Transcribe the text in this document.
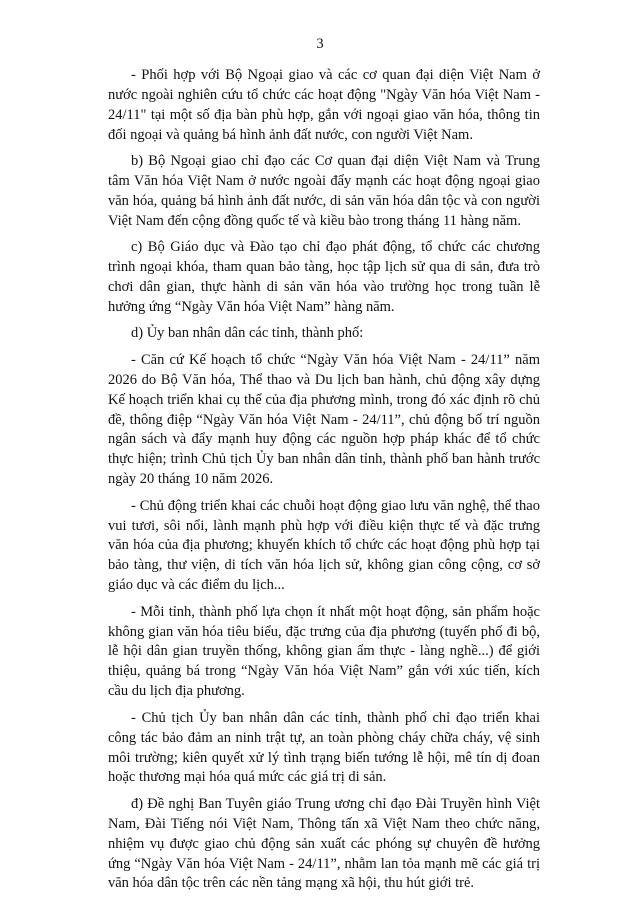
3

- Phối hợp với Bộ Ngoại giao và các cơ quan đại diện Việt Nam ở nước ngoài nghiên cứu tổ chức các hoạt động "Ngày Văn hóa Việt Nam - 24/11" tại một số địa bàn phù hợp, gắn với ngoại giao văn hóa, thông tin đối ngoại và quảng bá hình ảnh đất nước, con người Việt Nam.

b) Bộ Ngoại giao chỉ đạo các Cơ quan đại diện Việt Nam và Trung tâm Văn hóa Việt Nam ở nước ngoài đẩy mạnh các hoạt động ngoại giao văn hóa, quảng bá hình ảnh đất nước, di sản văn hóa dân tộc và con người Việt Nam đến cộng đồng quốc tế và kiều bào trong tháng 11 hàng năm.

c) Bộ Giáo dục và Đào tạo chỉ đạo phát động, tổ chức các chương trình ngoại khóa, tham quan bảo tàng, học tập lịch sử qua di sản, đưa trò chơi dân gian, thực hành di sản văn hóa vào trường học trong tuần lễ hưởng ứng “Ngày Văn hóa Việt Nam” hàng năm.

d) Ủy ban nhân dân các tỉnh, thành phố:

- Căn cứ Kế hoạch tổ chức “Ngày Văn hóa Việt Nam - 24/11” năm 2026 do Bộ Văn hóa, Thể thao và Du lịch ban hành, chủ động xây dựng Kế hoạch triển khai cụ thể của địa phương mình, trong đó xác định rõ chủ đề, thông điệp “Ngày Văn hóa Việt Nam - 24/11”, chủ động bố trí nguồn ngân sách và đẩy mạnh huy động các nguồn hợp pháp khác để tổ chức thực hiện; trình Chủ tịch Ủy ban nhân dân tỉnh, thành phố ban hành trước ngày 20 tháng 10 năm 2026.

- Chủ động triển khai các chuỗi hoạt động giao lưu văn nghệ, thể thao vui tươi, sôi nổi, lành mạnh phù hợp với điều kiện thực tế và đặc trưng văn hóa của địa phương; khuyến khích tổ chức các hoạt động phù hợp tại bảo tàng, thư viện, di tích văn hóa lịch sử, không gian công cộng, cơ sở giáo dục và các điểm du lịch...

- Mỗi tỉnh, thành phố lựa chọn ít nhất một hoạt động, sản phẩm hoặc không gian văn hóa tiêu biểu, đặc trưng của địa phương (tuyến phố đi bộ, lễ hội dân gian truyền thống, không gian ẩm thực - làng nghề...) để giới thiệu, quảng bá trong “Ngày Văn hóa Việt Nam” gắn với xúc tiến, kích cầu du lịch địa phương.

- Chủ tịch Ủy ban nhân dân các tỉnh, thành phố chỉ đạo triển khai công tác bảo đảm an ninh trật tự, an toàn phòng cháy chữa cháy, vệ sinh môi trường; kiên quyết xử lý tình trạng biến tướng lễ hội, mê tín dị đoan hoặc thương mại hóa quá mức các giá trị di sản.

đ) Đề nghị Ban Tuyên giáo Trung ương chỉ đạo Đài Truyền hình Việt Nam, Đài Tiếng nói Việt Nam, Thông tấn xã Việt Nam theo chức năng, nhiệm vụ được giao chủ động sản xuất các phóng sự chuyên đề hưởng ứng “Ngày Văn hóa Việt Nam - 24/11”, nhằm lan tỏa mạnh mẽ các giá trị văn hóa dân tộc trên các nền tảng mạng xã hội, thu hút giới trẻ.
